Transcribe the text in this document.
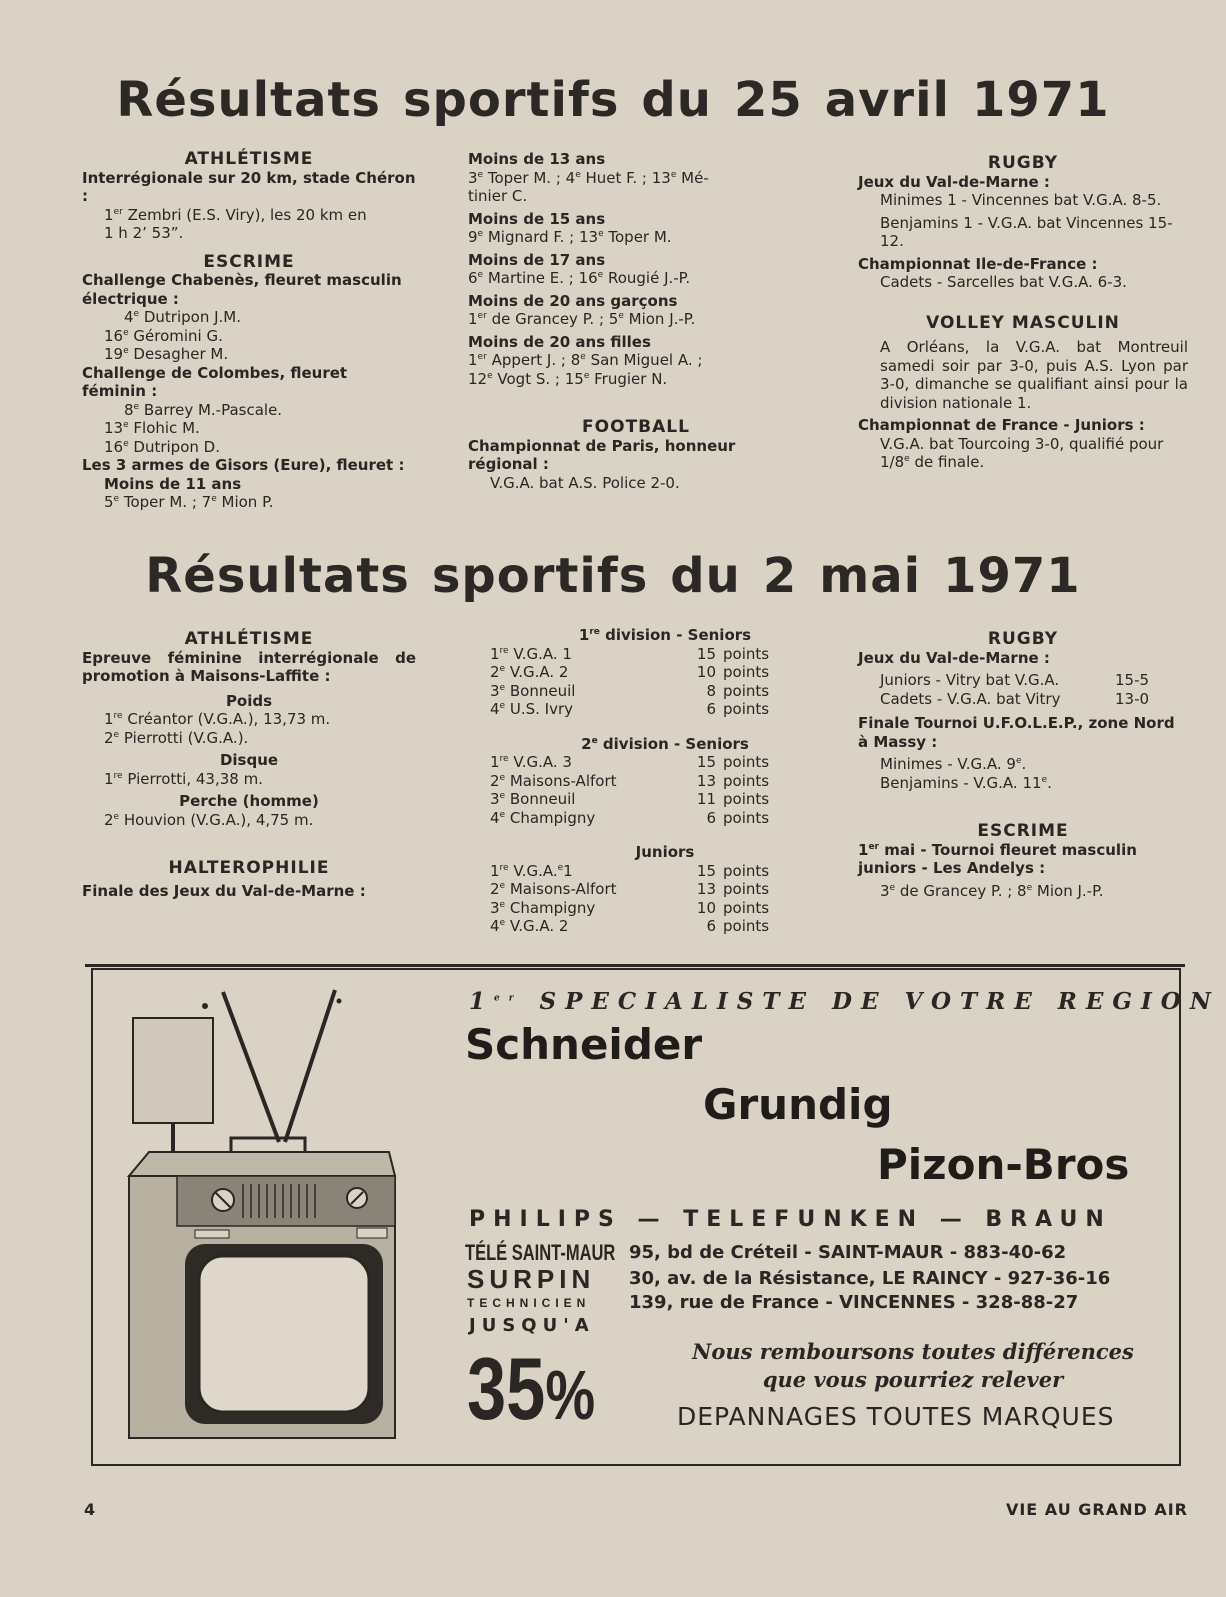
Résultats sportifs du 25 avril 1971

ATHLÉTISME

Interrégionale sur 20 km, stade Chéron :

1er Zembri (E.S. Viry), les 20 km en

1 h 2’ 53”.

ESCRIME

Challenge Chabenès, fleuret masculin électrique :

4e Dutripon J.M.

16e Géromini G.

19e Desagher M.

Challenge de Colombes, fleuret féminin :

8e Barrey M.-Pascale.

13e Flohic M.

16e Dutripon D.

Les 3 armes de Gisors (Eure), fleuret :

Moins de 11 ans

5e Toper M. ; 7e Mion P.

Moins de 13 ans

3e Toper M. ; 4e Huet F. ; 13e Mé-

tinier C.

Moins de 15 ans

9e Mignard F. ; 13e Toper M.

Moins de 17 ans

6e Martine E. ; 16e Rougié J.-P.

Moins de 20 ans garçons

1er de Grancey P. ; 5e Mion J.-P.

Moins de 20 ans filles

1er Appert J. ; 8e San Miguel A. ;

12e Vogt S. ; 15e Frugier N.

FOOTBALL

Championnat de Paris, honneur régional :

V.G.A. bat A.S. Police 2-0.

RUGBY

Jeux du Val-de-Marne :

Minimes 1 - Vincennes bat V.G.A. 8-5.

Benjamins 1 - V.G.A. bat Vincennes 15-12.

Championnat Ile-de-France :

Cadets - Sarcelles bat V.G.A. 6-3.

VOLLEY MASCULIN

A Orléans, la V.G.A. bat Montreuil samedi soir par 3-0, puis A.S. Lyon par 3-0, dimanche se qualifiant ainsi pour la division nationale 1.

Championnat de France - Juniors :

V.G.A. bat Tourcoing 3-0, qualifié pour 1/8e de finale.

Résultats sportifs du 2 mai 1971

ATHLÉTISME

Epreuve féminine interrégionale de promotion à Maisons-Laffite :

Poids

1re Créantor (V.G.A.), 13,73 m.

2e Pierrotti (V.G.A.).

Disque

1re Pierrotti, 43,38 m.

Perche (homme)

2e Houvion (V.G.A.), 4,75 m.

HALTEROPHILIE

Finale des Jeux du Val-de-Marne :

1re division - Seniors

1re V.G.A. 1	15 points
2e V.G.A. 2	10 points
3e Bonneuil	8 points
4e U.S. Ivry	6 points

2e division - Seniors

1re V.G.A. 3	15 points
2e Maisons-Alfort	13 points
3e Bonneuil	11 points
4e Champigny	6 points

Juniors

1re V.G.A.$^e$1	15 points
2e Maisons-Alfort	13 points
3e Champigny	10 points
4e V.G.A. 2	6 points

RUGBY

Jeux du Val-de-Marne :

Juniors - Vitry bat V.G.A.	15-5
Cadets - V.G.A. bat Vitry	13-0

Finale Tournoi U.F.O.L.E.P., zone Nord à Massy :

Minimes - V.G.A. 9e.

Benjamins - V.G.A. 11e.

ESCRIME

1er mai - Tournoi fleuret masculin juniors - Les Andelys :

3e de Grancey P. ; 8e Mion J.-P.

1er SPECIALISTE DE VOTRE REGION
Schneider
Grundig
Pizon-Bros
PHILIPS — TELEFUNKEN — BRAUN
TÉLÉ SAINT-MAUR 95, bd de Créteil - SAINT-MAUR - 883-40-62
SURPIN 30, av. de la Résistance, LE RAINCY - 927-36-16
TECHNICIEN 139, rue de France - VINCENNES - 328-88-27
JUSQU'A
35%
Nous remboursons toutes différences
que vous pourriez relever
DEPANNAGES TOUTES MARQUES
4	VIE AU GRAND AIR
